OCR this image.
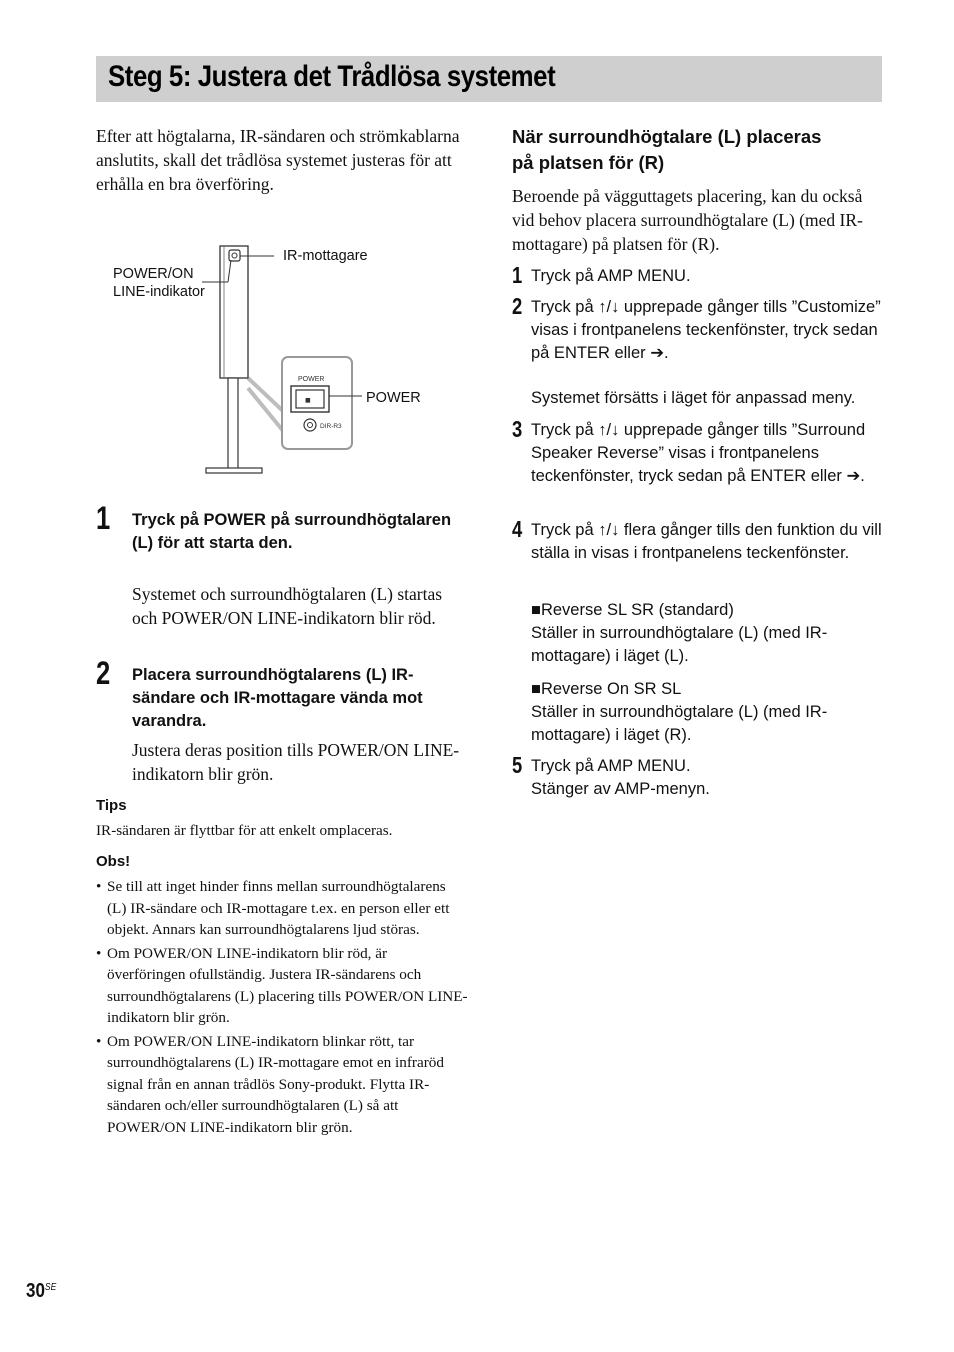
Steg 5: Justera det Trådlösa systemet

Efter att högtalarna, IR-sändaren och strömkablarna anslutits, skall det trådlösa systemet justeras för att erhålla en bra överföring.

POWER
■
DIR-R3
IR-mottagare
POWER/ON
LINE-indikator
POWER
1 Tryck på POWER på surroundhögtalaren (L) för att starta den.
Systemet och surroundhögtalaren (L) startas och POWER/ON LINE-indikatorn blir röd.
2 Placera surroundhögtalarens (L) IR-sändare och IR-mottagare vända mot varandra.
Justera deras position tills POWER/ON LINE-indikatorn blir grön.
Tips
IR-sändaren är flyttbar för att enkelt omplaceras.
Obs!
• Se till att inget hinder finns mellan surroundhögtalarens (L) IR-sändare och IR-mottagare t.ex. en person eller ett objekt. Annars kan surroundhögtalarens ljud störas.
• Om POWER/ON LINE-indikatorn blir röd, är överföringen ofullständig. Justera IR-sändarens och surroundhögtalarens (L) placering tills POWER/ON LINE-indikatorn blir grön.
• Om POWER/ON LINE-indikatorn blinkar rött, tar surroundhögtalarens (L) IR-mottagare emot en infraröd signal från en annan trådlös Sony-produkt. Flytta IR-sändaren och/eller surroundhögtalaren (L) så att POWER/ON LINE-indikatorn blir grön.

När surroundhögtalare (L) placeras på platsen för (R)

Beroende på vägguttagets placering, kan du också vid behov placera surroundhögtalare (L) (med IR-mottagare) på platsen för (R).

1 Tryck på AMP MENU.
2 Tryck på ↑/↓ upprepade gånger tills ”Customize” visas i frontpanelens teckenfönster, tryck sedan på ENTER eller ➔.
Systemet försätts i läget för anpassad meny.
3 Tryck på ↑/↓ upprepade gånger tills ”Surround Speaker Reverse” visas i frontpanelens teckenfönster, tryck sedan på ENTER eller ➔.
4 Tryck på ↑/↓ flera gånger tills den funktion du vill ställa in visas i frontpanelens teckenfönster.
■Reverse SL SR (standard)
Ställer in surroundhögtalare (L) (med IR-mottagare) i läget (L).
■Reverse On SR SL
Ställer in surroundhögtalare (L) (med IR-mottagare) i läget (R).
5 Tryck på AMP MENU.
Stänger av AMP-menyn.
$30^{SE}$
